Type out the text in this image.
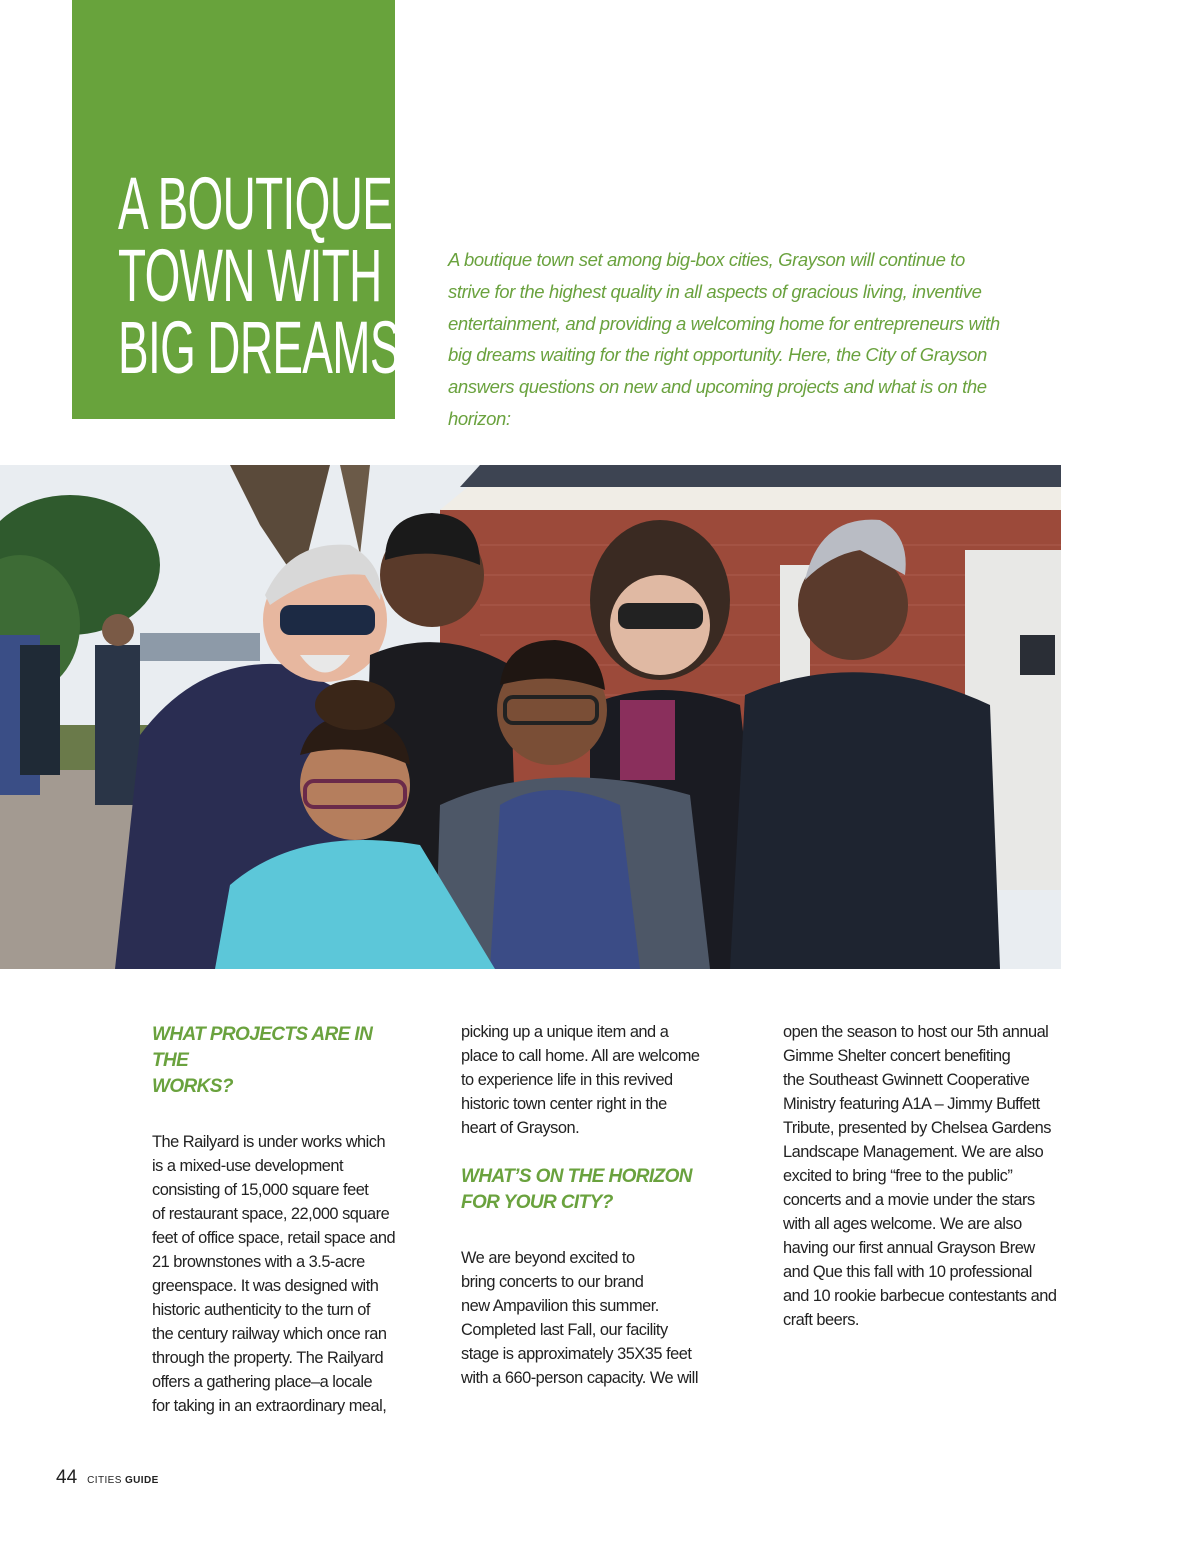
A BOUTIQUE
TOWN WITH
BIG DREAMS

A boutique town set among big-box cities, Grayson will continue to strive for the highest quality in all aspects of gracious living, inventive entertainment, and providing a welcoming home for entrepreneurs with big dreams waiting for the right opportunity. Here, the City of Grayson answers questions on new and upcoming projects and what is on the horizon:

WHAT PROJECTS ARE IN THE
WORKS?

The Railyard is under works which
is a mixed-use development
consisting of 15,000 square feet
of restaurant space, 22,000 square
feet of office space, retail space and
21 brownstones with a 3.5-acre
greenspace. It was designed with
historic authenticity to the turn of
the century railway which once ran
through the property. The Railyard
offers a gathering place–a locale
for taking in an extraordinary meal,

picking up a unique item and a
place to call home. All are welcome
to experience life in this revived
historic town center right in the
heart of Grayson.

WHAT’S ON THE HORIZON
FOR YOUR CITY?

We are beyond excited to
bring concerts to our brand
new Ampavilion this summer.
Completed last Fall, our facility
stage is approximately 35X35 feet
with a 660-person capacity. We will

open the season to host our 5th annual
Gimme Shelter concert benefiting
the Southeast Gwinnett Cooperative
Ministry featuring A1A – Jimmy Buffett
Tribute, presented by Chelsea Gardens
Landscape Management. We are also
excited to bring “free to the public”
concerts and a movie under the stars
with all ages welcome. We are also
having our first annual Grayson Brew
and Que this fall with 10 professional
and 10 rookie barbecue contestants and
craft beers.

44 CITIES GUIDE
